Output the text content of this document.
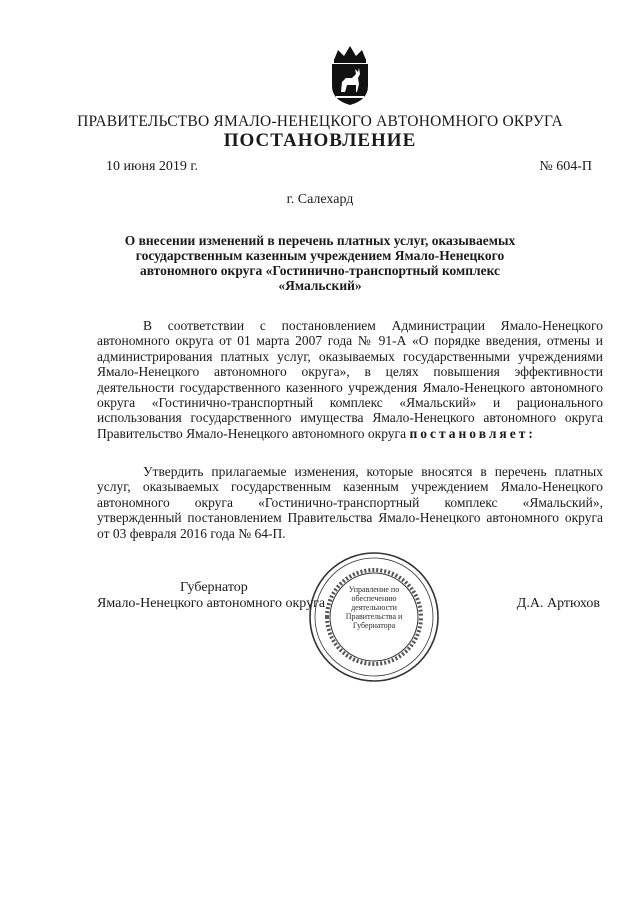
ПРАВИТЕЛЬСТВО ЯМАЛО-НЕНЕЦКОГО АВТОНОМНОГО ОКРУГА
ПОСТАНОВЛЕНИЕ
10 июня 2019 г.	№ 604-П
г. Салехард
О внесении изменений в перечень платных услуг, оказываемых государственным казенным учреждением Ямало-Ненецкого автономного округа «Гостинично-транспортный комплекс «Ямальский»
В соответствии с постановлением Администрации Ямало-Ненецкого автономного округа от 01 марта 2007 года № 91-А «О порядке введения, отмены и администрирования платных услуг, оказываемых государственными учреждениями Ямало-Ненецкого автономного округа», в целях повышения эффективности деятельности государственного казенного учреждения Ямало-Ненецкого автономного округа «Гостинично-транспортный комплекс «Ямальский» и рационального использования государственного имущества Ямало-Ненецкого автономного округа Правительство Ямало-Ненецкого автономного округа постановляет:
Утвердить прилагаемые изменения, которые вносятся в перечень платных услуг, оказываемых государственным казенным учреждением Ямало-Ненецкого автономного округа «Гостинично-транспортный комплекс «Ямальский», утвержденный постановлением Правительства Ямало-Ненецкого автономного округа от 03 февраля 2016 года № 64-П.
Управление по обеспечению деятельности Правительства и Губернатора
Губернатор
Ямало-Ненецкого автономного округа	Д.А. Артюхов
